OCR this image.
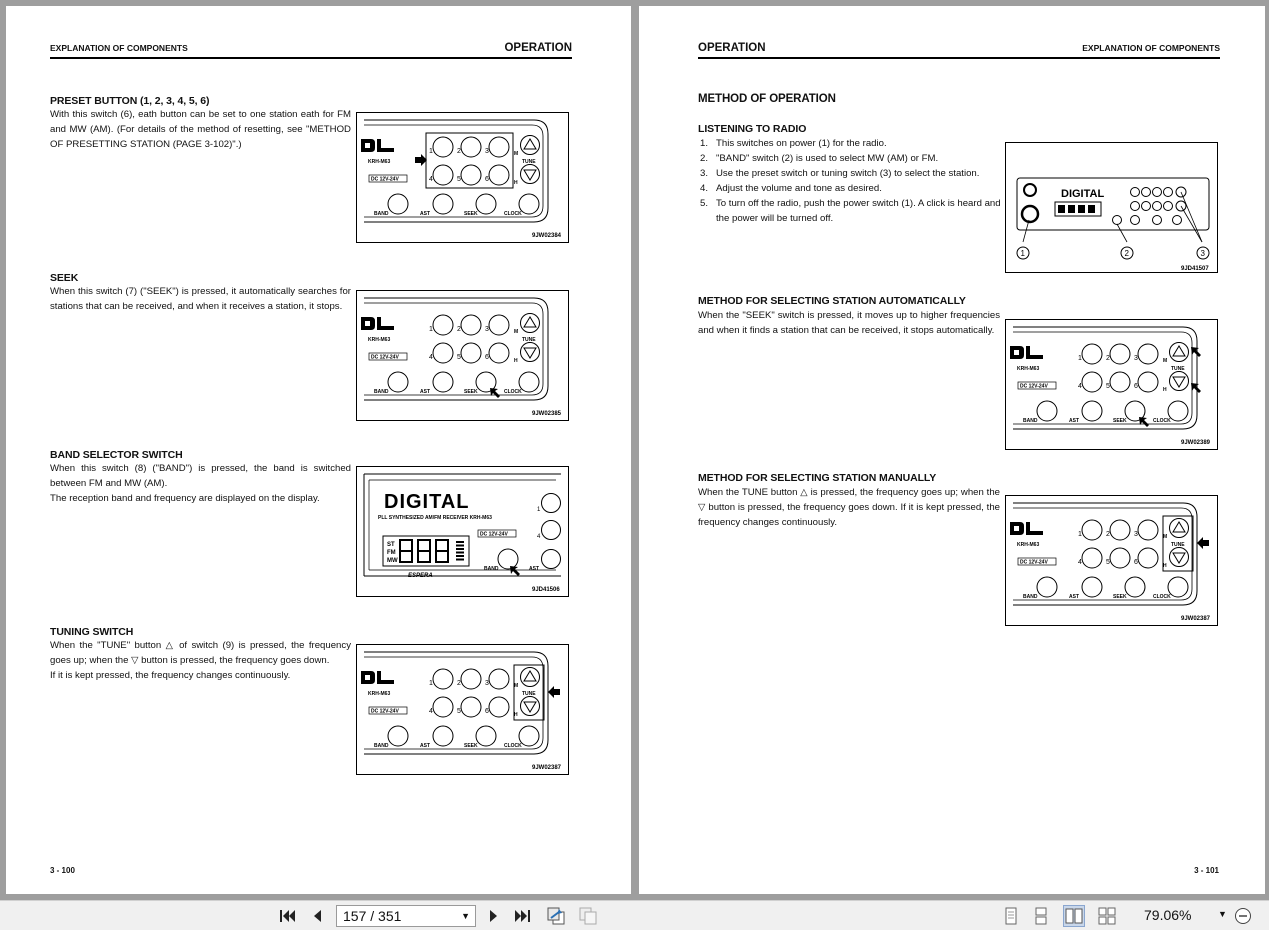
EXPLANATION OF COMPONENTS	OPERATION
PRESET BUTTON (1, 2, 3, 4, 5, 6)

With this switch (6), eath button can be set to one station eath for FM and MW (AM). (For details of the method of resetting, see "METHOD OF PRESETTING STATION (PAGE 3-102)".)

9JW02384
KRH-M63
DC 12V-24V
1	2	3
4	5	6
TUNE
M
H
BAND	AST	SEEK	CLOCK
SEEK

When this switch (7) ("SEEK") is pressed, it automatically searches for stations that can be received, and when it receives a station, it stops.

9JW02385
KRH-M63
DC 12V-24V
1	2	3
4	5	6
TUNE
M
H
BAND	AST	SEEK	CLOCK
BAND SELECTOR SWITCH

When this switch (8) ("BAND") is pressed, the band is switched between FM and MW (AM).

The reception band and frequency are displayed on the display.	DIGITAL
PLL SYNTHESIZED AM/FM RECEIVER KRH-M63
DC 12V-24V
ST
FM
MW
ESPERA
BAND	AST
1
4
9JD41506
TUNING SWITCH

When the "TUNE" button △ of switch (9) is pressed, the frequency goes up; when the ▽ button is pressed, the frequency goes down.

If it is kept pressed, the frequency changes continuously.

9JW02387
KRH-M63
DC 12V-24V
1	2	3
4	5	6
TUNE
M
H
BAND	AST	SEEK	CLOCK
3 - 100
OPERATION	EXPLANATION OF COMPONENTS
METHOD OF OPERATION
LISTENING TO RADIO
1. This switches on power (1) for the radio.
2. "BAND" switch (2) is used to select MW (AM) or FM.
3. Use the preset switch or tuning switch (3) to select the station.
4. Adjust the volume and tone as desired.
5. To turn off the radio, push the power switch (1). A click is heard and the power will be turned off.
DIGITAL
1	2	3
9JD41507
METHOD FOR SELECTING STATION AUTOMATICALLY
When the "SEEK" switch is pressed, it moves up to higher frequencies and when it finds a station that can be received, it stops automatically.
9JW02389
KRH-M63
DC 12V-24V
1	2	3
4	5	6
TUNE
M
H
BAND	AST	SEEK	CLOCK
METHOD FOR SELECTING STATION MANUALLY
When the TUNE button △ is pressed, the frequency goes up; when the ▽ button is pressed, the frequency goes down. If it is kept pressed, the frequency changes continuously.
9JW02387
KRH-M63
DC 12V-24V
1	2	3
4	5	6
TUNE
M
H
BAND	AST	SEEK	CLOCK
3 - 101
157 / 351	▼	79.06%	▼
